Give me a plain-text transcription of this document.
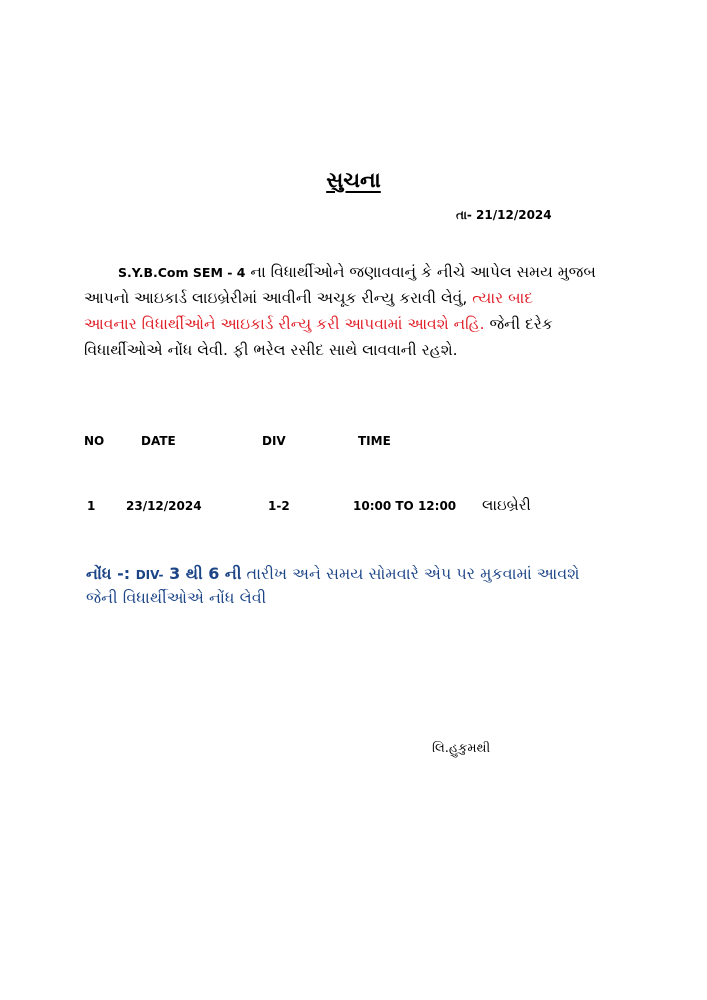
સુચના
તા- 21/12/2024
S.Y.B.Com SEM - 4 ના વિધાર્થીઓને જણાવવાનું કે નીચે આપેલ સમય મુજબ
આપનો આઇકાર્ડ લાઇબ્રેરીમાં આવીની અચૂક રીન્યુ કરાવી લેવું, ત્યાર બાદ
આવનાર વિધાર્થીઓને આઇકાર્ડ રીન્યુ કરી આપવામાં આવશે નહિ. જેની દરેક
વિધાર્થીઓએ નોંધ લેવી. ફી ભરેલ રસીદ સાથે લાવવાની રહશે.
NO	DATE	DIV	TIME
1	23/12/2024	1-2	10:00 TO 12:00 લાઇબ્રેરી
નોંધ -: DIV- 3 થી 6 ની તારીખ અને સમય સોમવારે એપ પર મુકવામાં આવશે
જેની વિધાર્થીઓએ નોંધ લેવી
લિ.હુકુમથી
